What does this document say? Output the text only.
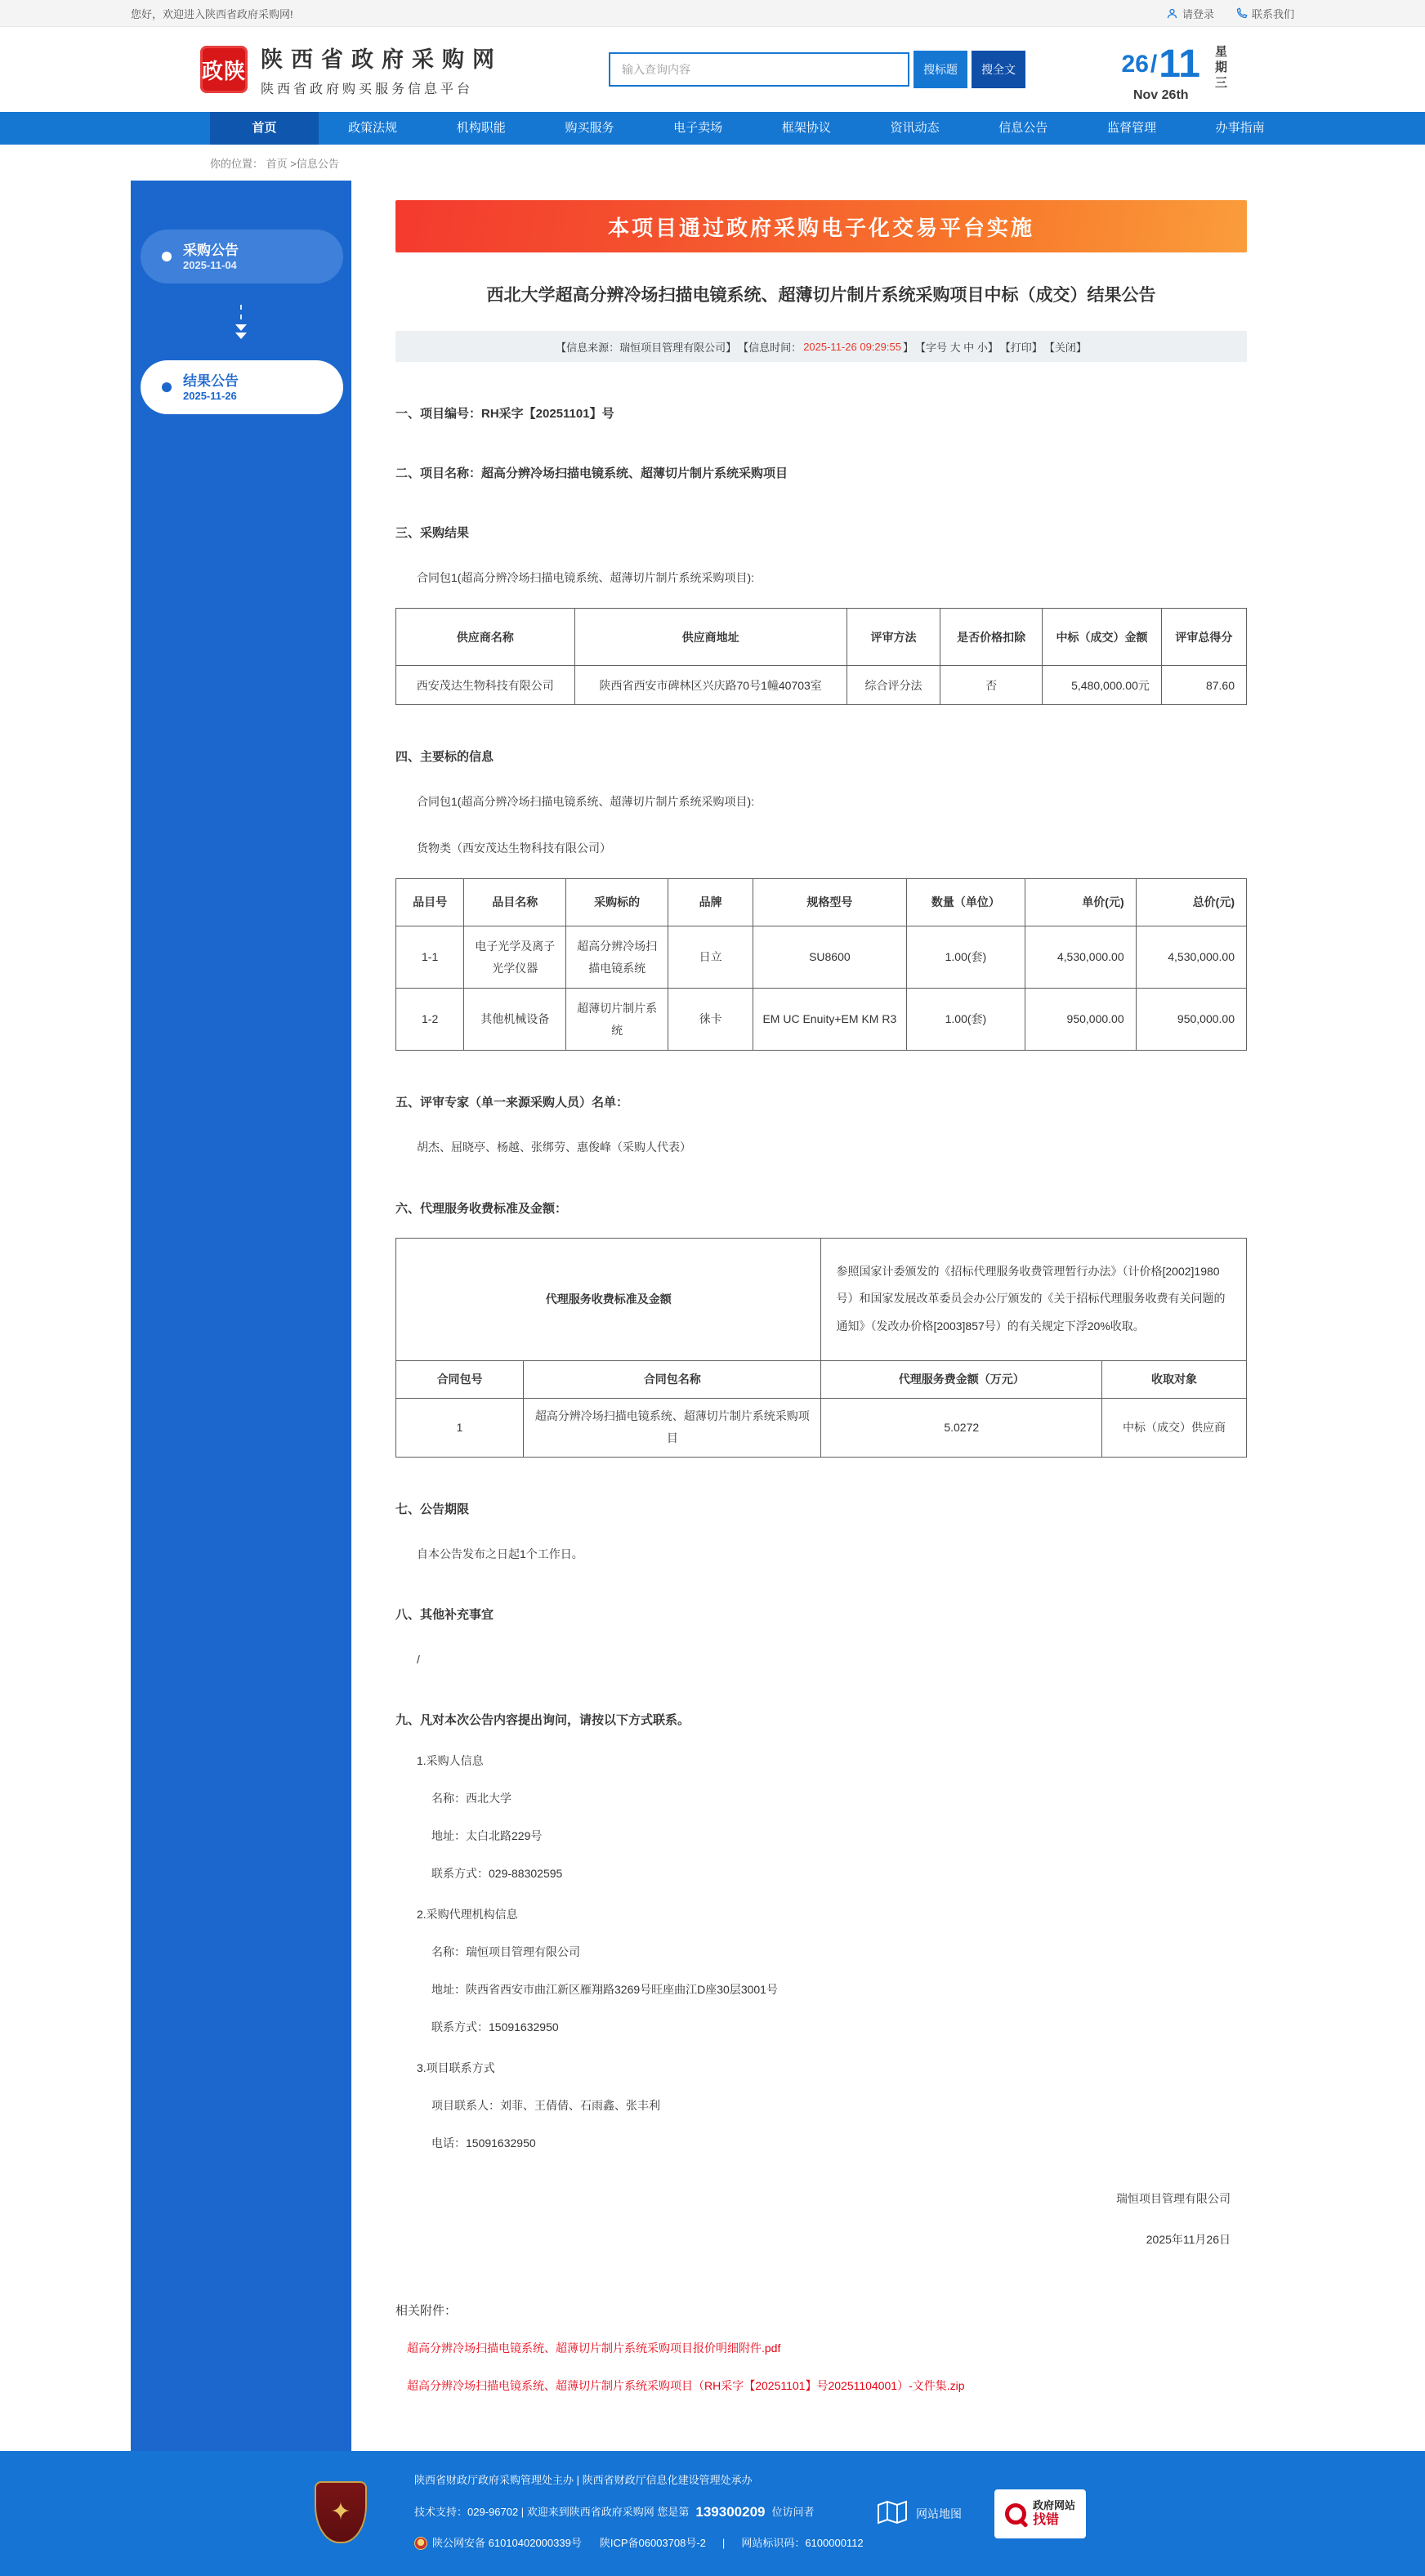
您好，欢迎进入陕西省政府采购网!	请登录	联系我们
政陕 陕西省政府采购网
陕西省政府购买服务信息平台
输入查询内容
搜标题	搜全文	26/11
Nov 26th
星期三
首页	政策法规	机构职能	购买服务	电子卖场	框架协议	资讯动态	信息公告	监督管理	办事指南
你的位置： 首页 >信息公告
采购公告
2025-11-04
结果公告
2025-11-26
本项目通过政府采购电子化交易平台实施
西北大学超高分辨冷场扫描电镜系统、超薄切片制片系统采购项目中标（成交）结果公告
【信息来源：瑞恒项目管理有限公司】 【信息时间： 2025-11-26 09:29:55 】 【字号 大 中 小】 【打印】 【关闭】
一、项目编号：RH采字【20251101】号
二、项目名称：超高分辨冷场扫描电镜系统、超薄切片制片系统采购项目
三、采购结果
合同包1(超高分辨冷场扫描电镜系统、超薄切片制片系统采购项目):
供应商名称	供应商地址	评审方法	是否价格扣除	中标（成交）金额	评审总得分
西安茂达生物科技有限公司	陕西省西安市碑林区兴庆路70号1幢40703室	综合评分法	否	5,480,000.00元	87.60
四、主要标的信息
合同包1(超高分辨冷场扫描电镜系统、超薄切片制片系统采购项目):
货物类（西安茂达生物科技有限公司）
品目号	品目名称	采购标的	品牌	规格型号	数量（单位）	单价(元)	总价(元)
1-1	电子光学及离子光学仪器	超高分辨冷场扫描电镜系统	日立	SU8600	1.00(套)	4,530,000.00	4,530,000.00
1-2	其他机械设备	超薄切片制片系统	徕卡	EM UC Enuity+EM KM R3	1.00(套)	950,000.00	950,000.00
五、评审专家（单一来源采购人员）名单：
胡杰、屈晓亭、杨越、张绑劳、惠俊峰（采购人代表）
六、代理服务收费标准及金额：
代理服务收费标准及金额		参照国家计委颁发的《招标代理服务收费管理暂行办法》（计价格[2002]1980号）和国家发展改革委员会办公厅颁发的《关于招标代理服务收费有关问题的通知》（发改办价格[2003]857号）的有关规定下浮20%收取。	
合同包号	合同包名称	代理服务费金额（万元）	收取对象
1	超高分辨冷场扫描电镜系统、超薄切片制片系统采购项目	5.0272	中标（成交）供应商
七、公告期限
自本公告发布之日起1个工作日。
八、其他补充事宜
/
九、凡对本次公告内容提出询问，请按以下方式联系。
1.采购人信息
名称：西北大学
地址：太白北路229号
联系方式：029-88302595
2.采购代理机构信息
名称：瑞恒项目管理有限公司
地址：陕西省西安市曲江新区雁翔路3269号旺座曲江D座30层3001号
联系方式：15091632950
3.项目联系方式
项目联系人：刘菲、王倩倩、石雨鑫、张丰利
电话：15091632950
瑞恒项目管理有限公司
2025年11月26日
相关附件：
超高分辨冷场扫描电镜系统、超薄切片制片系统采购项目报价明细附件.pdf
超高分辨冷场扫描电镜系统、超薄切片制片系统采购项目（RH采字【20251101】号20251104001）-文件集.zip
✦
陕西省财政厅政府采购管理处主办 | 陕西省财政厅信息化建设管理处承办
技术支持：029-96702 | 欢迎来到陕西省政府采购网 您是第 139300209 位访问者
陕公网安备 61010402000339号 陕ICP备06003708号-2 | 网站标识码：6100000112
网站地图
政府网站
找错
